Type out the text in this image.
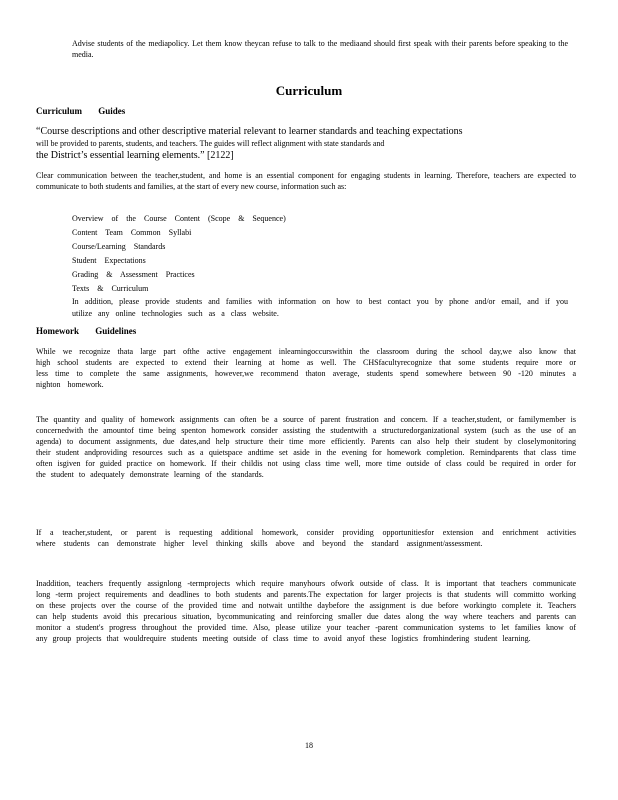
Advise students of the mediapolicy. Let them know theycan refuse to talk to the mediaand should first speak with their parents before speaking to the media.
Curriculum
Curriculum Guides
“Course descriptions and other descriptive material relevant to learner standards and teaching expectations
will be provided to parents, students, and teachers. The guides will reflect alignment with state standards and
the District’s essential learning elements.” [2122]

Clear communication between the teacher,student, and home is an essential component for engaging students in learning. Therefore, teachers are expected to communicate to both students and families, at the start of every new course, information such as:

Overview of the Course Content (Scope & Sequence)
Content Team Common Syllabi
Course/Learning Standards
Student Expectations
Grading & Assessment Practices
Texts & Curriculum
In addition, please provide students and families with information on how to best contact you by phone and/or email, and if you utilize any online technologies such as a class website.
Homework Guidelines

While we recognize thata large part ofthe active engagement inlearningoccurswithin the classroom during the school day,we also know that high school students are expected to extend their learning at home as well. The CHSfacultyrecognize that some students require more or less time to complete the same assignments, however,we recommend thaton average, students spend somewhere between 90 -120 minutes a nighton homework.

The quantity and quality of homework assignments can often be a source of parent frustration and concern. If a teacher,student, or familymember is concernedwith the amountof time being spenton homework consider assisting the studentwith a structuredorganizational system (such as the use of an agenda) to document assignments, due dates,and help structure their time more efficiently. Parents can also help their student by closelymonitoring their student andproviding resources such as a quietspace andtime set aside in the evening for homework completion. Remindparents that class time often isgiven for guided practice on homework. If their childis not using class time well, more time outside of class could be required in order for the student to adequately demonstrate learning of the standards.

If a teacher,student, or parent is requesting additional homework, consider providing opportunitiesfor extension and enrichment activities where students can demonstrate higher level thinking skills above and beyond the standard assignment/assessment.

Inaddition, teachers frequently assignlong -termprojects which require manyhours ofwork outside of class. It is important that teachers communicate long -term project requirements and deadlines to both students and parents.The expectation for larger projects is that students will committo working on these projects over the course of the provided time and notwait untilthe daybefore the assignment is due before workingto complete it. Teachers can help students avoid this precarious situation, bycommunicating and reinforcing smaller due dates along the way where teachers and parents can monitor a student's progress throughout the provided time. Also, please utilize your teacher -parent communication systems to let families know of any group projects that wouldrequire students meeting outside of class time to avoid anyof these logistics fromhindering student learning.

18
